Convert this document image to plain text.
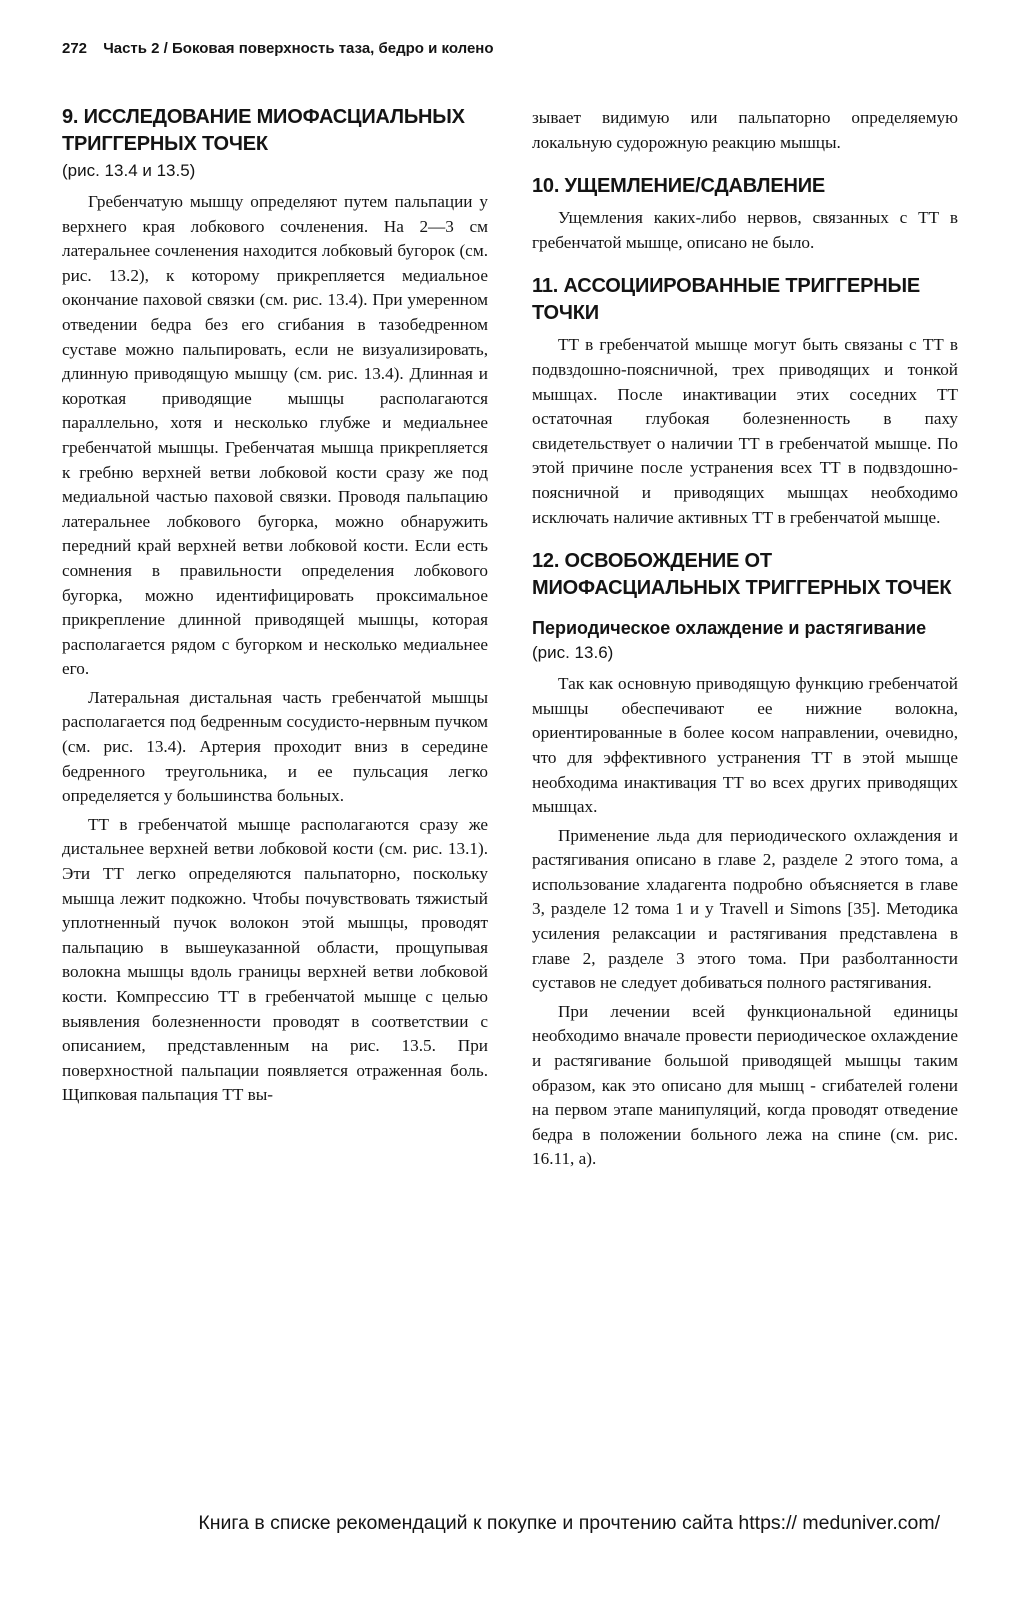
272 Часть 2 / Боковая поверхность таза, бедро и колено
9. ИССЛЕДОВАНИЕ МИОФАСЦИАЛЬНЫХ ТРИГГЕРНЫХ ТОЧЕК
(рис. 13.4 и 13.5)

Гребенчатую мышцу определяют путем пальпации у верхнего края лобкового сочленения. На 2—3 см латеральнее сочленения находится лобковый бугорок (см. рис. 13.2), к которому прикрепляется медиальное окончание паховой связки (см. рис. 13.4). При умеренном отведении бедра без его сгибания в тазобедренном суставе можно пальпировать, если не визуализировать, длинную приводящую мышцу (см. рис. 13.4). Длинная и короткая приводящие мышцы располагаются параллельно, хотя и несколько глубже и медиальнее гребенчатой мышцы. Гребенчатая мышца прикрепляется к гребню верхней ветви лобковой кости сразу же под медиальной частью паховой связки. Проводя пальпацию латеральнее лобкового бугорка, можно обнаружить передний край верхней ветви лобковой кости. Если есть сомнения в правильности определения лобкового бугорка, можно идентифицировать проксимальное прикрепление длинной приводящей мышцы, которая располагается рядом с бугорком и несколько медиальнее его.

Латеральная дистальная часть гребенчатой мышцы располагается под бедренным сосудисто-нервным пучком (см. рис. 13.4). Артерия проходит вниз в середине бедренного треугольника, и ее пульсация легко определяется у большинства больных.

ТТ в гребенчатой мышце располагаются сразу же дистальнее верхней ветви лобковой кости (см. рис. 13.1). Эти ТТ легко определяются пальпаторно, поскольку мышца лежит подкожно. Чтобы почувствовать тяжистый уплотненный пучок волокон этой мышцы, проводят пальпацию в вышеуказанной области, прощупывая волокна мышцы вдоль границы верхней ветви лобковой кости. Компрессию ТТ в гребенчатой мышце с целью выявления болезненности проводят в соответствии с описанием, представленным на рис. 13.5. При поверхностной пальпации появляется отраженная боль. Щипковая пальпация ТТ вы-

зывает видимую или пальпаторно определяемую локальную судорожную реакцию мышцы.

10. УЩЕМЛЕНИЕ/СДАВЛЕНИЕ

Ущемления каких-либо нервов, связанных с ТТ в гребенчатой мышце, описано не было.

11. АССОЦИИРОВАННЫЕ ТРИГГЕРНЫЕ ТОЧКИ

ТТ в гребенчатой мышце могут быть связаны с ТТ в подвздошно-поясничной, трех приводящих и тонкой мышцах. После инактивации этих соседних ТТ остаточная глубокая болезненность в паху свидетельствует о наличии ТТ в гребенчатой мышце. По этой причине после устранения всех ТТ в подвздошно-поясничной и приводящих мышцах необходимо исключать наличие активных ТТ в гребенчатой мышце.

12. ОСВОБОЖДЕНИЕ ОТ МИОФАСЦИАЛЬНЫХ ТРИГГЕРНЫХ ТОЧЕК
Периодическое охлаждение и растягивание
(рис. 13.6)

Так как основную приводящую функцию гребенчатой мышцы обеспечивают ее нижние волокна, ориентированные в более косом направлении, очевидно, что для эффективного устранения ТТ в этой мышце необходима инактивация ТТ во всех других приводящих мышцах.

Применение льда для периодического охлаждения и растягивания описано в главе 2, разделе 2 этого тома, а использование хладагента подробно объясняется в главе 3, разделе 12 тома 1 и у Travell и Simons [35]. Методика усиления релаксации и растягивания представлена в главе 2, разделе 3 этого тома. При разболтанности суставов не следует добиваться полного растягивания.

При лечении всей функциональной единицы необходимо вначале провести периодическое охлаждение и растягивание большой приводящей мышцы таким образом, как это описано для мышц - сгибателей голени на первом этапе манипуляций, когда проводят отведение бедра в положении больного лежа на спине (см. рис. 16.11, а).

Книга в списке рекомендаций к покупке и прочтению сайта https:// meduniver.com/
